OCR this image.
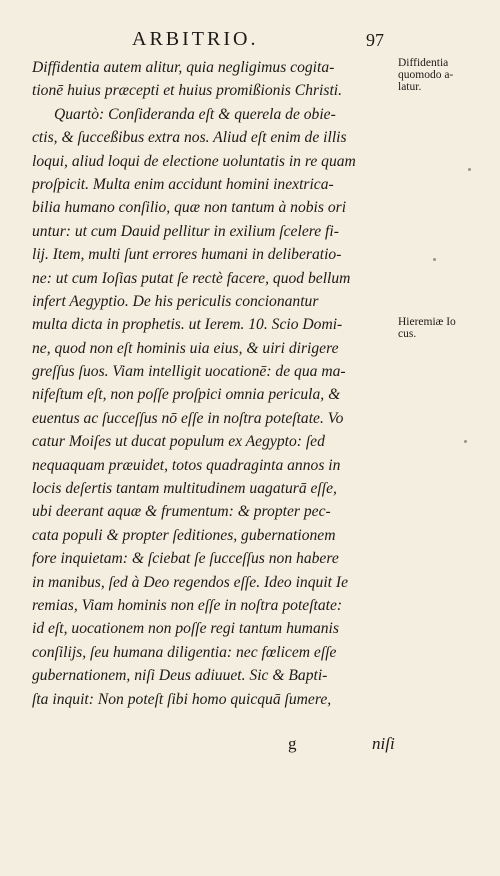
ARBITRIO.	97
Diffidentia autem alitur, quia negligimus cogita-
tionē huius præcepti et huius promißionis Christi.
Quartò: Conſideranda eſt & querela de obie-
ctis, & ſucceßibus extra nos. Aliud eſt enim de illis
loqui, aliud loqui de electione uoluntatis in re quam
proſpicit. Multa enim accidunt homini inextrica-
bilia humano conſilio, quæ non tantum à nobis ori
untur: ut cum Dauid pellitur in exilium ſcelere fi-
lij. Item, multi ſunt errores humani in deliberatio-
ne: ut cum Ioſias putat ſe rectè facere, quod bellum
infert Aegyptio. De his periculis concionantur
multa dicta in prophetis. ut Ierem. 10. Scio Domi-
ne, quod non eſt hominis uia eius, & uiri dirigere
greſſus ſuos. Viam intelligit uocationē: de qua ma-
nifeſtum eſt, non poſſe proſpici omnia pericula, &
euentus ac ſucceſſus nō eſſe in noſtra poteſtate. Vo
catur Moiſes ut ducat populum ex Aegypto: ſed
nequaquam præuidet, totos quadraginta annos in
locis deſertis tantam multitudinem uagaturā eſſe,
ubi deerant aquæ & frumentum: & propter pec-
cata populi & propter ſeditiones, gubernationem
fore inquietam: & ſciebat ſe ſucceſſus non habere
in manibus, ſed à Deo regendos eſſe. Ideo inquit Ie
remias, Viam hominis non eſſe in noſtra poteſtate:
id eſt, uocationem non poſſe regi tantum humanis
conſilijs, ſeu humana diligentia: nec fœlicem eſſe
gubernationem, niſi Deus adiuuet. Sic & Bapti-
ſta inquit: Non poteſt ſibi homo quicquā ſumere,
Diffidentia
quomodo a-
latur.
Hieremiæ Io
cus.
g	niſi
